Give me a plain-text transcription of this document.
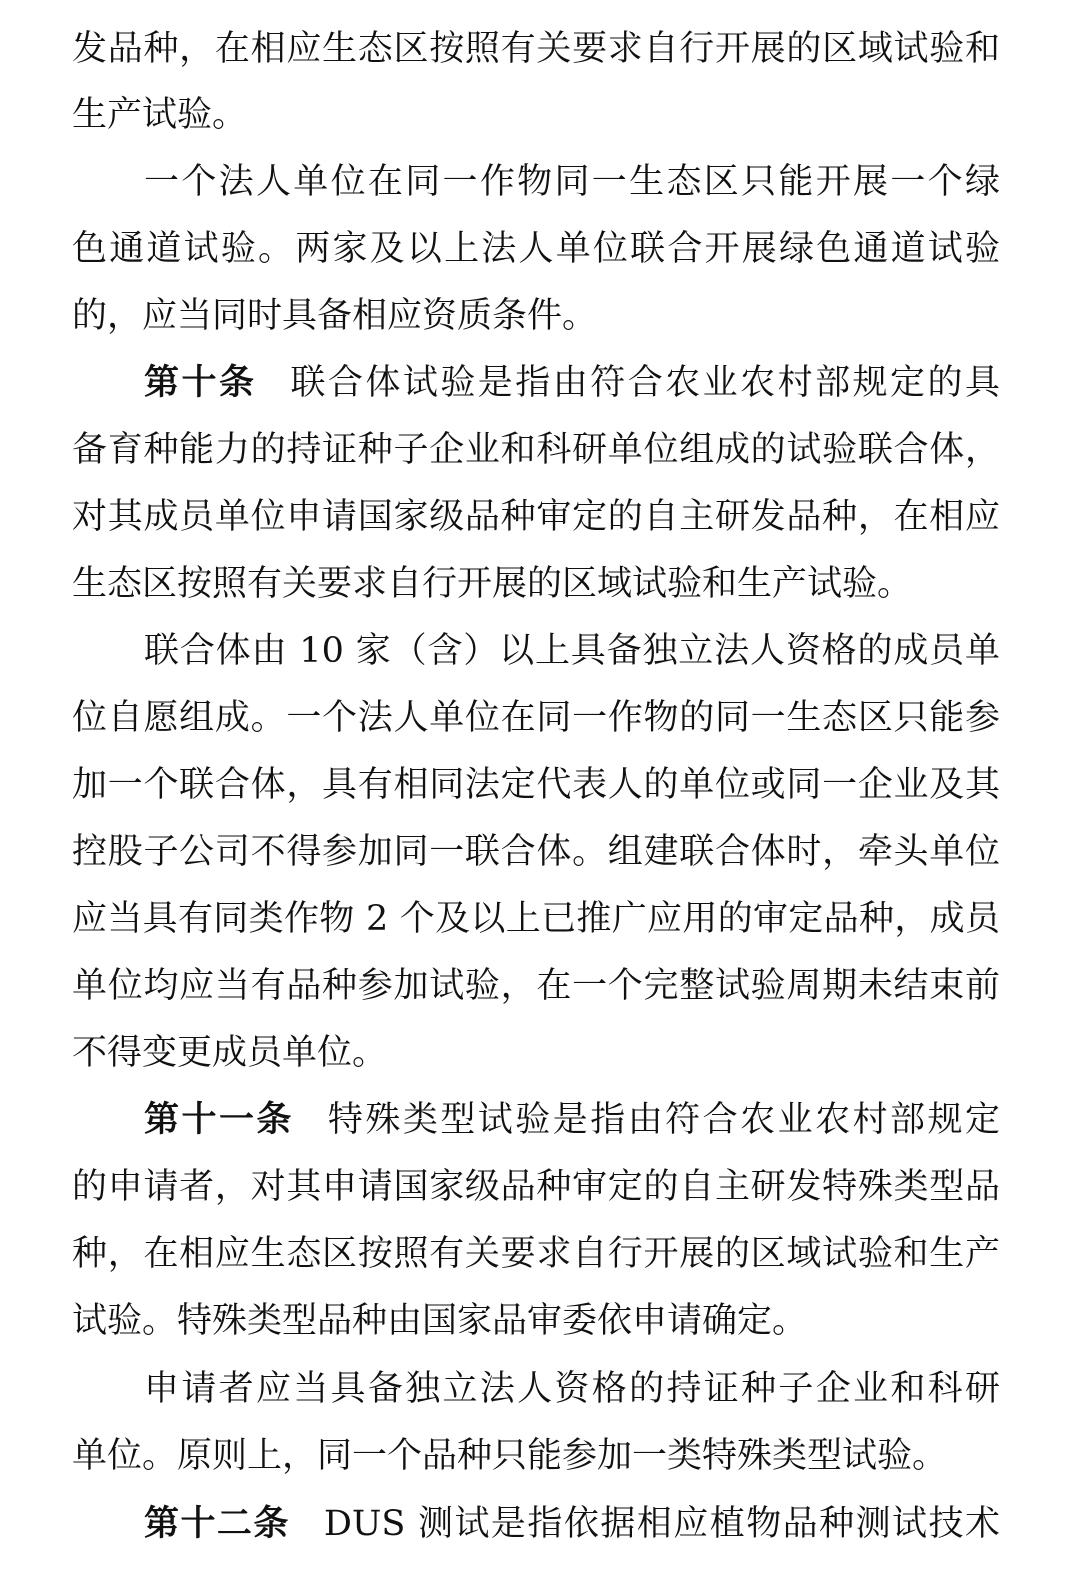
发品种，在相应生态区按照有关要求自行开展的区域试验和
生产试验。
一个法人单位在同一作物同一生态区只能开展一个绿
色通道试验。两家及以上法人单位联合开展绿色通道试验
的，应当同时具备相应资质条件。
第十条 联合体试验是指由符合农业农村部规定的具
备育种能力的持证种子企业和科研单位组成的试验联合体，
对其成员单位申请国家级品种审定的自主研发品种，在相应
生态区按照有关要求自行开展的区域试验和生产试验。
联合体由 10 家（含）以上具备独立法人资格的成员单
位自愿组成。一个法人单位在同一作物的同一生态区只能参
加一个联合体，具有相同法定代表人的单位或同一企业及其
控股子公司不得参加同一联合体。组建联合体时，牵头单位
应当具有同类作物 2 个及以上已推广应用的审定品种，成员
单位均应当有品种参加试验，在一个完整试验周期未结束前
不得变更成员单位。
第十一条 特殊类型试验是指由符合农业农村部规定
的申请者，对其申请国家级品种审定的自主研发特殊类型品
种，在相应生态区按照有关要求自行开展的区域试验和生产
试验。特殊类型品种由国家品审委依申请确定。
申请者应当具备独立法人资格的持证种子企业和科研
单位。原则上，同一个品种只能参加一类特殊类型试验。
第十二条 DUS 测试是指依据相应植物品种测试技术
